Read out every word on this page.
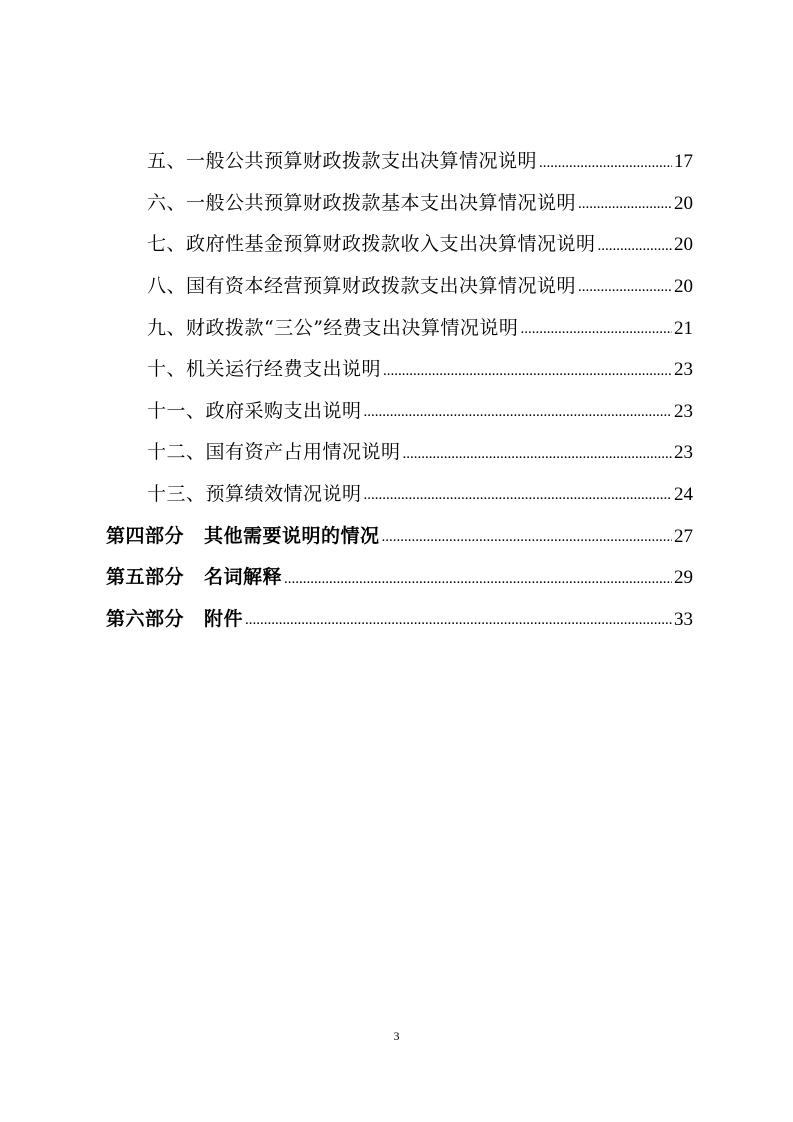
五、一般公共预算财政拨款支出决算情况说明 .....	17
六、一般公共预算财政拨款基本支出决算情况说明 .....	20
七、政府性基金预算财政拨款收入支出决算情况说明 .....	20
八、国有资本经营预算财政拨款支出决算情况说明 .....	20
九、财政拨款“三公”经费支出决算情况说明 .....	21
十、机关运行经费支出说明 .....	23
十一、政府采购支出说明 .....	23
十二、国有资产占用情况说明 .....	23
十三、预算绩效情况说明 .....	24
第四部分 其他需要说明的情况 .....	27
第五部分 名词解释 .....	29
第六部分 附件 .....	33
3
